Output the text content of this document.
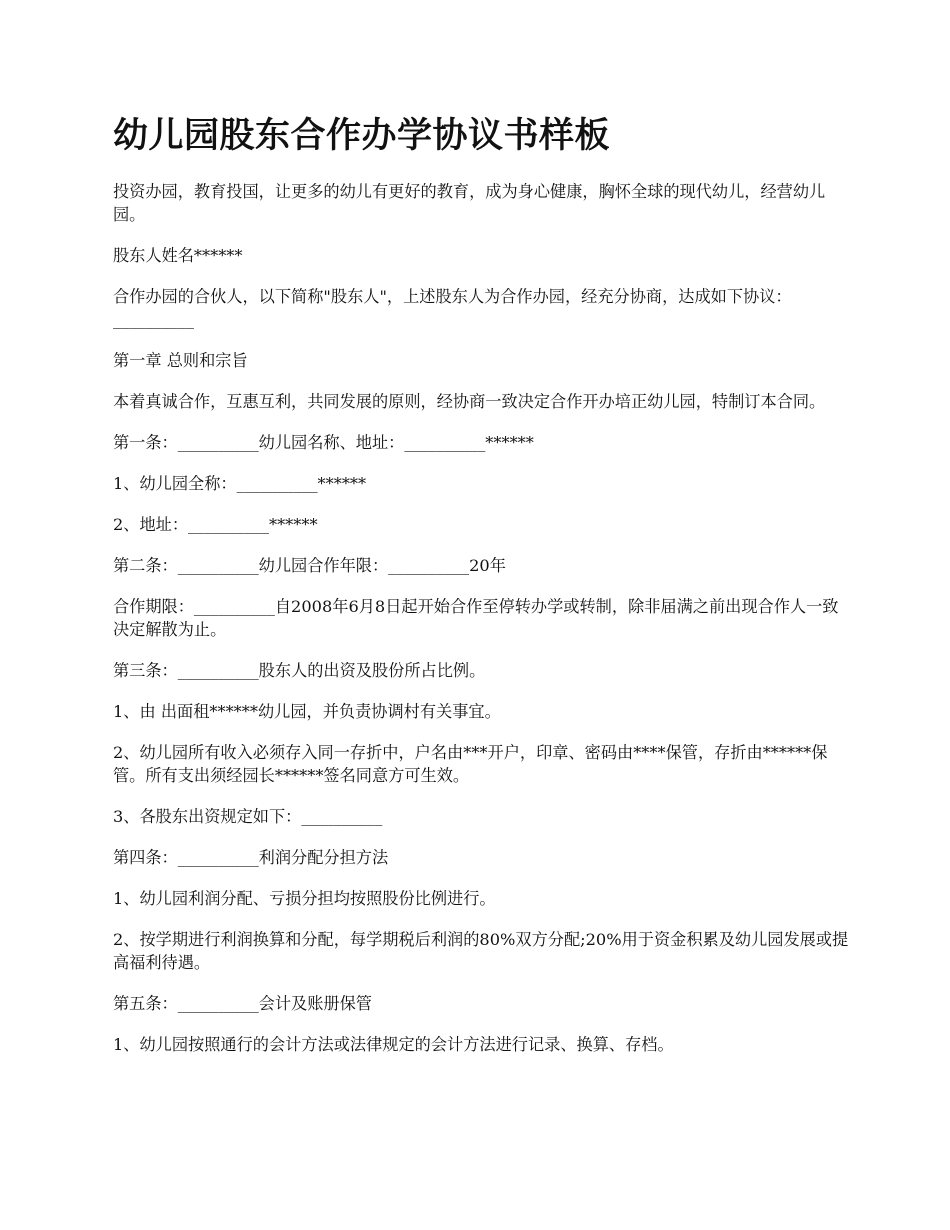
幼儿园股东合作办学协议书样板

投资办园，教育投国，让更多的幼儿有更好的教育，成为身心健康，胸怀全球的现代幼儿，经营幼儿园。

股东人姓名******

合作办园的合伙人，以下简称"股东人"，上述股东人为合作办园，经充分协商，达成如下协议：__________

第一章 总则和宗旨

本着真诚合作，互惠互利，共同发展的原则，经协商一致决定合作开办培正幼儿园，特制订本合同。

第一条：__________幼儿园名称、地址：__________******

1、幼儿园全称：__________******

2、地址：__________******

第二条：__________幼儿园合作年限：__________20年

合作期限：__________自2008年6月8日起开始合作至停转办学或转制，除非届满之前出现合作人一致决定解散为止。

第三条：__________股东人的出资及股份所占比例。

1、由 出面租******幼儿园，并负责协调村有关事宜。

2、幼儿园所有收入必须存入同一存折中，户名由***开户，印章、密码由****保管，存折由******保管。所有支出须经园长******签名同意方可生效。

3、各股东出资规定如下：__________

第四条：__________利润分配分担方法

1、幼儿园利润分配、亏损分担均按照股份比例进行。

2、按学期进行利润换算和分配，每学期税后利润的80%双方分配;20%用于资金积累及幼儿园发展或提高福利待遇。

第五条：__________会计及账册保管

1、幼儿园按照通行的会计方法或法律规定的会计方法进行记录、换算、存档。
